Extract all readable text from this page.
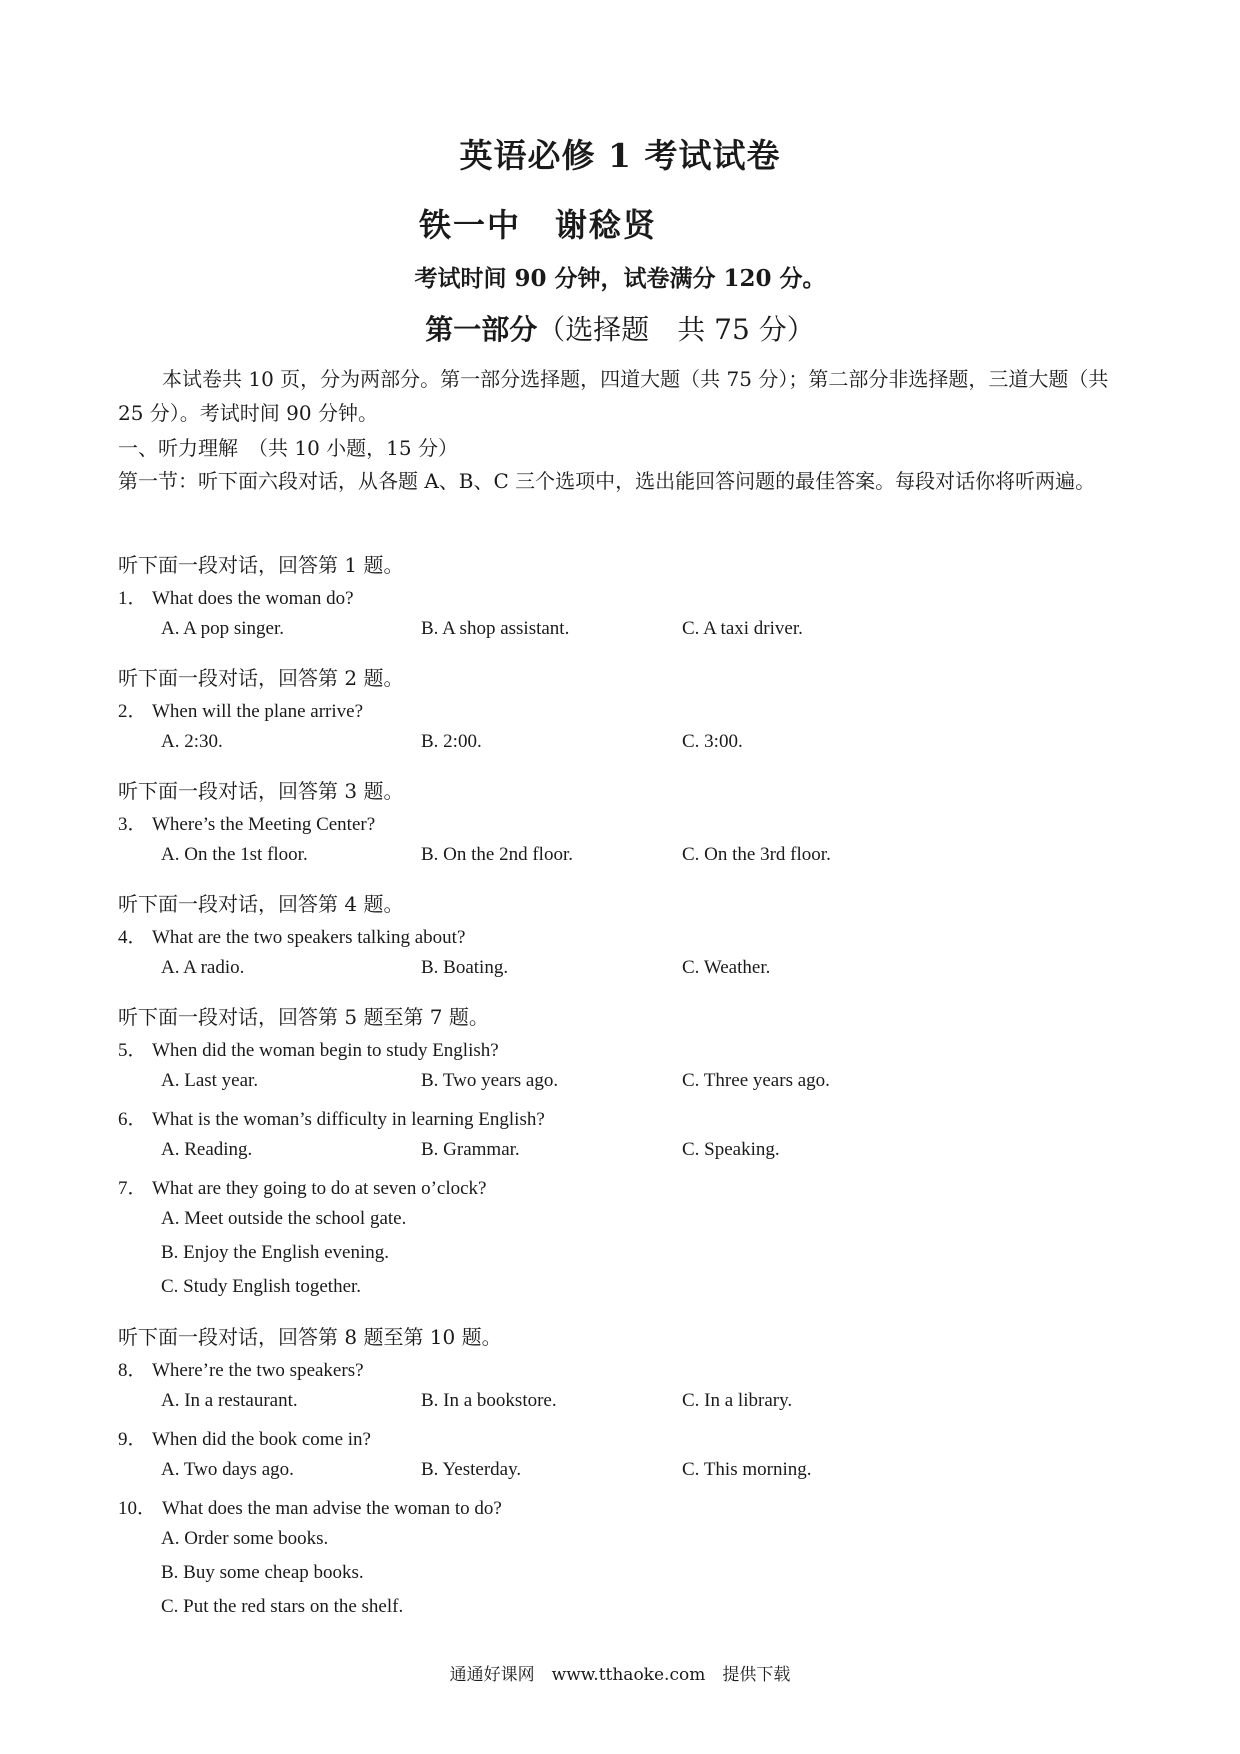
英语必修 1 考试试卷
铁一中 谢稔贤
考试时间 90 分钟，试卷满分 120 分。
第一部分（选择题　共 75 分）
本试卷共 10 页，分为两部分。第一部分选择题，四道大题（共 75 分）；第二部分非选择题，三道大题（共 25 分）。考试时间 90 分钟。
一、听力理解　（共 10 小题，15 分）
第一节：听下面六段对话，从各题 A、B、C 三个选项中，选出能回答问题的最佳答案。每段对话你将听两遍。
听下面一段对话，回答第 1 题。
1． What does the woman do?
A. A pop singer.	B. A shop assistant.	C. A taxi driver.
听下面一段对话，回答第 2 题。
2． When will the plane arrive?
A. 2:30.	B. 2:00.	C. 3:00.
听下面一段对话，回答第 3 题。
3． Where’s the Meeting Center?
A. On the 1st floor.	B. On the 2nd floor.	C. On the 3rd floor.
听下面一段对话，回答第 4 题。
4． What are the two speakers talking about?
A. A radio.	B. Boating.	C. Weather.
听下面一段对话，回答第 5 题至第 7 题。
5． When did the woman begin to study English?
A. Last year.	B. Two years ago.	C. Three years ago.
6． What is the woman’s difficulty in learning English?
A. Reading.	B. Grammar.	C. Speaking.
7． What are they going to do at seven o’clock?
A. Meet outside the school gate.
B. Enjoy the English evening.
C. Study English together.
听下面一段对话，回答第 8 题至第 10 题。
8． Where’re the two speakers?
A. In a restaurant.	B. In a bookstore.	C. In a library.
9． When did the book come in?
A. Two days ago.	B. Yesterday.	C. This morning.
10． What does the man advise the woman to do?
A. Order some books.
B. Buy some cheap books.
C. Put the red stars on the shelf.
通通好课网　www.tthaoke.com　提供下载
